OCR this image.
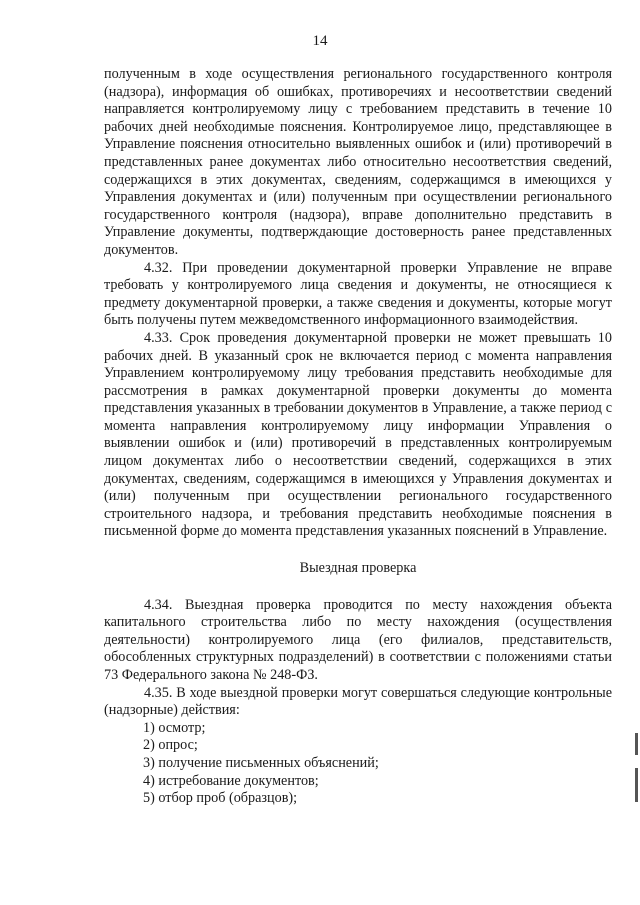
14

полученным в ходе осуществления регионального государственного контроля (надзора), информация об ошибках, противоречиях и несоответствии сведений направляется контролируемому лицу с требованием представить в течение 10 рабочих дней необходимые пояснения. Контролируемое лицо, представляющее в Управление пояснения относительно выявленных ошибок и (или) противоречий в представленных ранее документах либо относительно несоответствия сведений, содержащихся в этих документах, сведениям, содержащимся в имеющихся у Управления документах и (или) полученным при осуществлении регионального государственного контроля (надзора), вправе дополнительно представить в Управление документы, подтверждающие достоверность ранее представленных документов.

4.32. При проведении документарной проверки Управление не вправе требовать у контролируемого лица сведения и документы, не относящиеся к предмету документарной проверки, а также сведения и документы, которые могут быть получены путем межведомственного информационного взаимодействия.

4.33. Срок проведения документарной проверки не может превышать 10 рабочих дней. В указанный срок не включается период с момента направления Управлением контролируемому лицу требования представить необходимые для рассмотрения в рамках документарной проверки документы до момента представления указанных в требовании документов в Управление, а также период с момента направления контролируемому лицу информации Управления о выявлении ошибок и (или) противоречий в представленных контролируемым лицом документах либо о несоответствии сведений, содержащихся в этих документах, сведениям, содержащимся в имеющихся у Управления документах и (или) полученным при осуществлении регионального государственного строительного надзора, и требования представить необходимые пояснения в письменной форме до момента представления указанных пояснений в Управление.

Выездная проверка

4.34. Выездная проверка проводится по месту нахождения объекта капитального строительства либо по месту нахождения (осуществления деятельности) контролируемого лица (его филиалов, представительств, обособленных структурных подразделений) в соответствии с положениями статьи 73 Федерального закона № 248-ФЗ.

4.35. В ходе выездной проверки могут совершаться следующие контрольные (надзорные) действия:

1) осмотр;

2) опрос;

3) получение письменных объяснений;

4) истребование документов;

5) отбор проб (образцов);
